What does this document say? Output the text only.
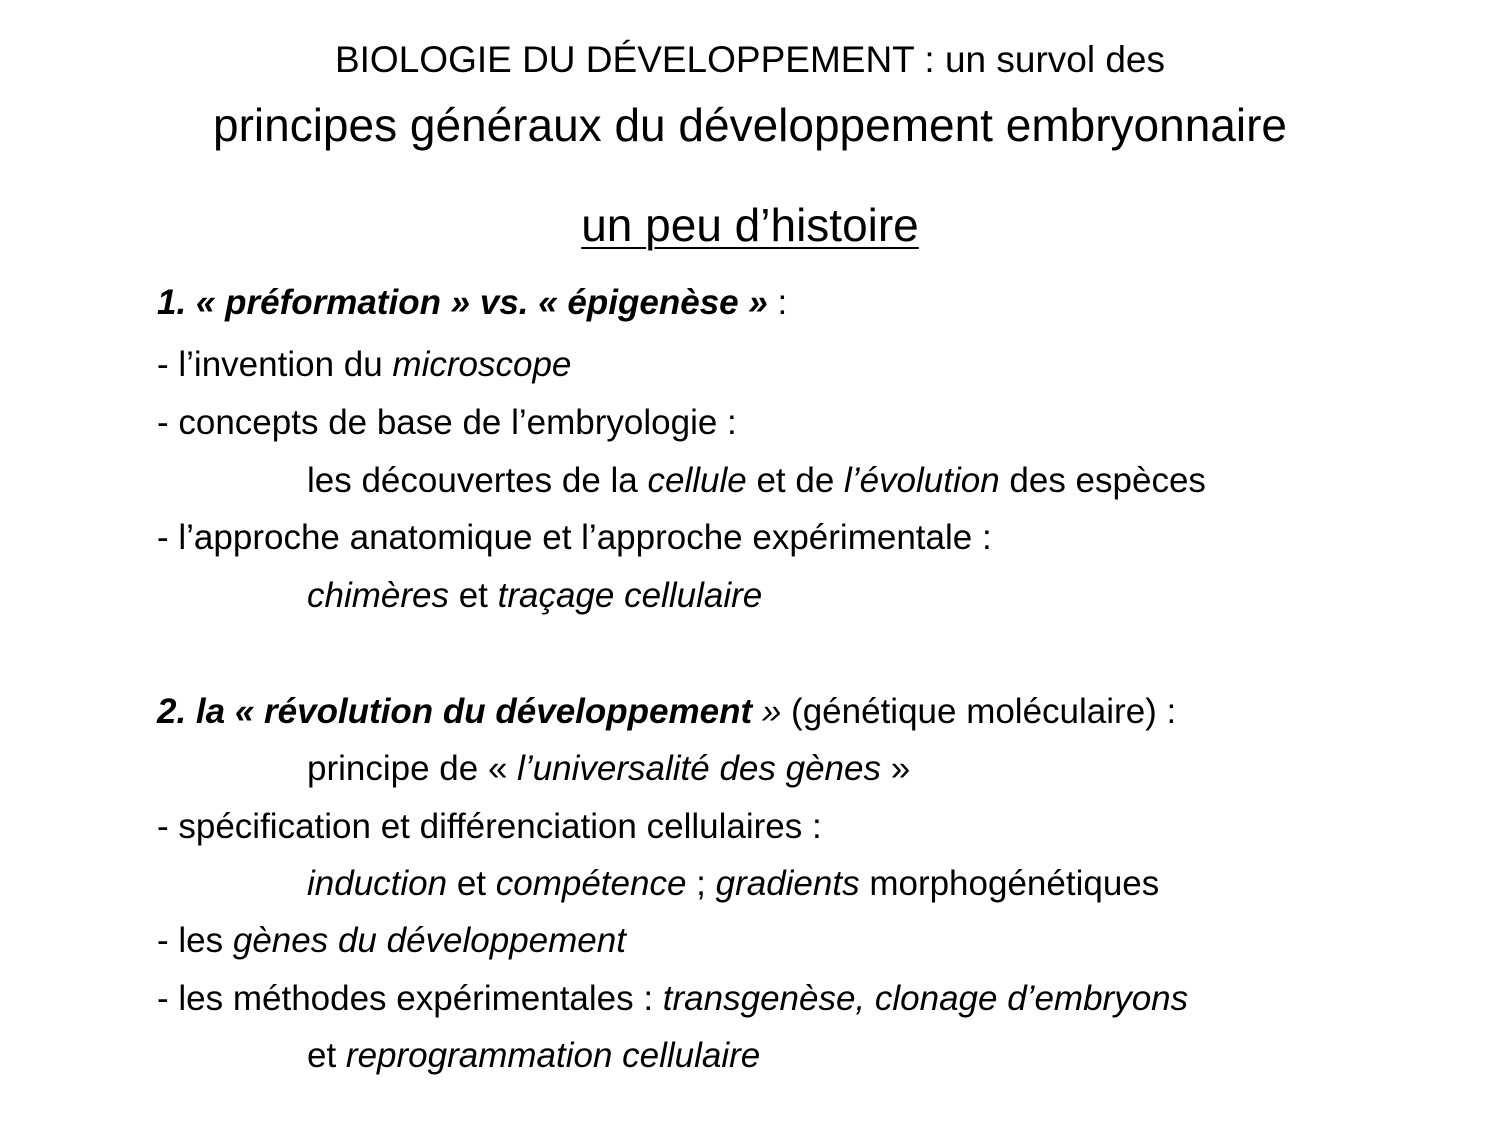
BIOLOGIE DU DÉVELOPPEMENT : un survol des
principes généraux du développement embryonnaire
un peu d’histoire
1. « préformation » vs. « épigenèse » :
- l’invention du microscope
- concepts de base de l’embryologie :
les découvertes de la cellule et de l’évolution des espèces
- l’approche anatomique et l’approche expérimentale :
chimères et traçage cellulaire
2. la « révolution du développement » (génétique moléculaire) :
principe de « l’universalité des gènes »
- spécification et différenciation cellulaires :
induction et compétence ; gradients morphogénétiques
- les gènes du développement
- les méthodes expérimentales : transgenèse, clonage d’embryons
et reprogrammation cellulaire
